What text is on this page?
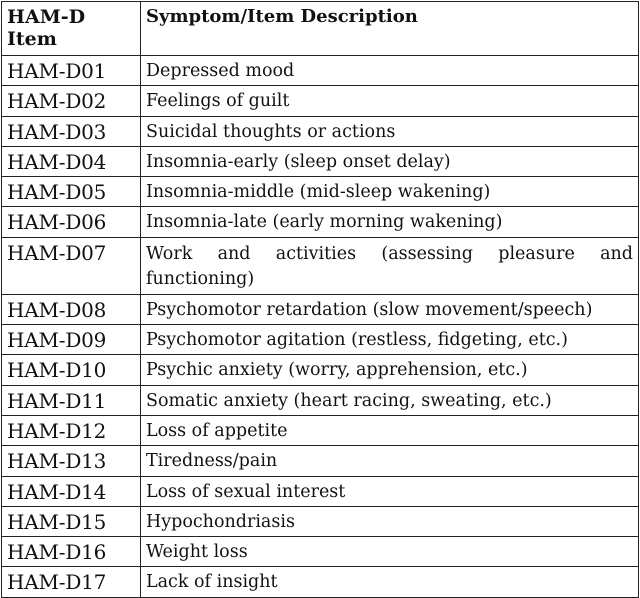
HAM-D
Item	Symptom/Item Description
HAM-D01	Depressed mood
HAM-D02	Feelings of guilt
HAM-D03	Suicidal thoughts or actions
HAM-D04	Insomnia-early (sleep onset delay)
HAM-D05	Insomnia-middle (mid-sleep wakening)
HAM-D06	Insomnia-late (early morning wakening)
HAM-D07	Work and activities (assessing pleasure and functioning)

HAM-D08	Psychomotor retardation (slow movement/speech)
HAM-D09	Psychomotor agitation (restless, fidgeting, etc.)
HAM-D10	Psychic anxiety (worry, apprehension, etc.)
HAM-D11	Somatic anxiety (heart racing, sweating, etc.)
HAM-D12	Loss of appetite
HAM-D13	Tiredness/pain
HAM-D14	Loss of sexual interest
HAM-D15	Hypochondriasis
HAM-D16	Weight loss
HAM-D17	Lack of insight
